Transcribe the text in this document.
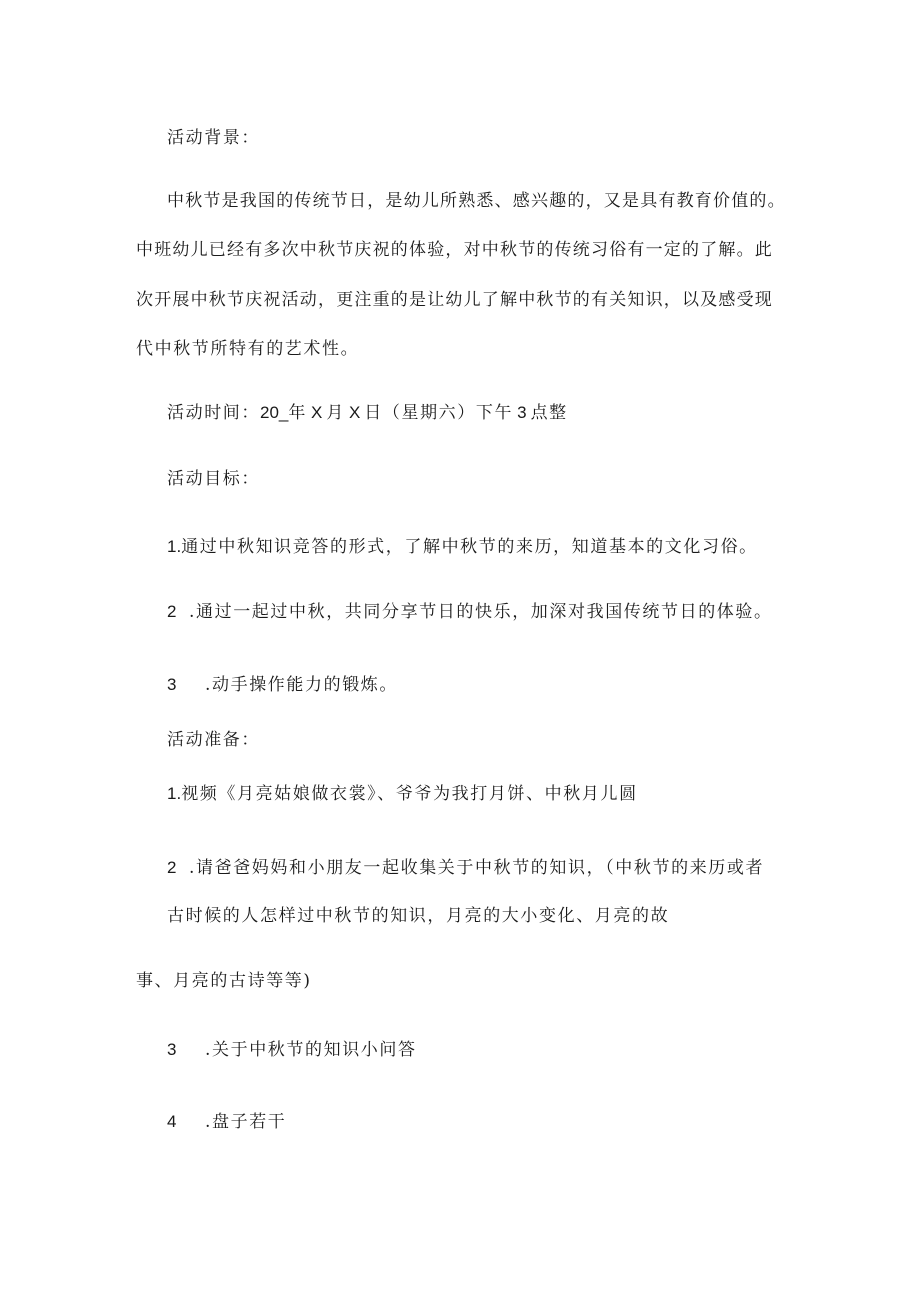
活动背景：
中秋节是我国的传统节日，是幼儿所熟悉、感兴趣的，又是具有教育价值的。
中班幼儿已经有多次中秋节庆祝的体验，对中秋节的传统习俗有一定的了解。此
次开展中秋节庆祝活动，更注重的是让幼儿了解中秋节的有关知识，以及感受现
代中秋节所特有的艺术性。
活动时间：20_年 X 月 X 日（星期六）下午 3 点整
活动目标：
1.通过中秋知识竞答的形式，了解中秋节的来历，知道基本的文化习俗。
2 .通过一起过中秋，共同分享节日的快乐，加深对我国传统节日的体验。
3 .动手操作能力的锻炼。
活动准备：
1.视频《月亮姑娘做衣裳》、爷爷为我打月饼、中秋月儿圆
2 .请爸爸妈妈和小朋友一起收集关于中秋节的知识，（中秋节的来历或者
古时候的人怎样过中秋节的知识，月亮的大小变化、月亮的故
事、月亮的古诗等等)
3 .关于中秋节的知识小问答
4 .盘子若干
